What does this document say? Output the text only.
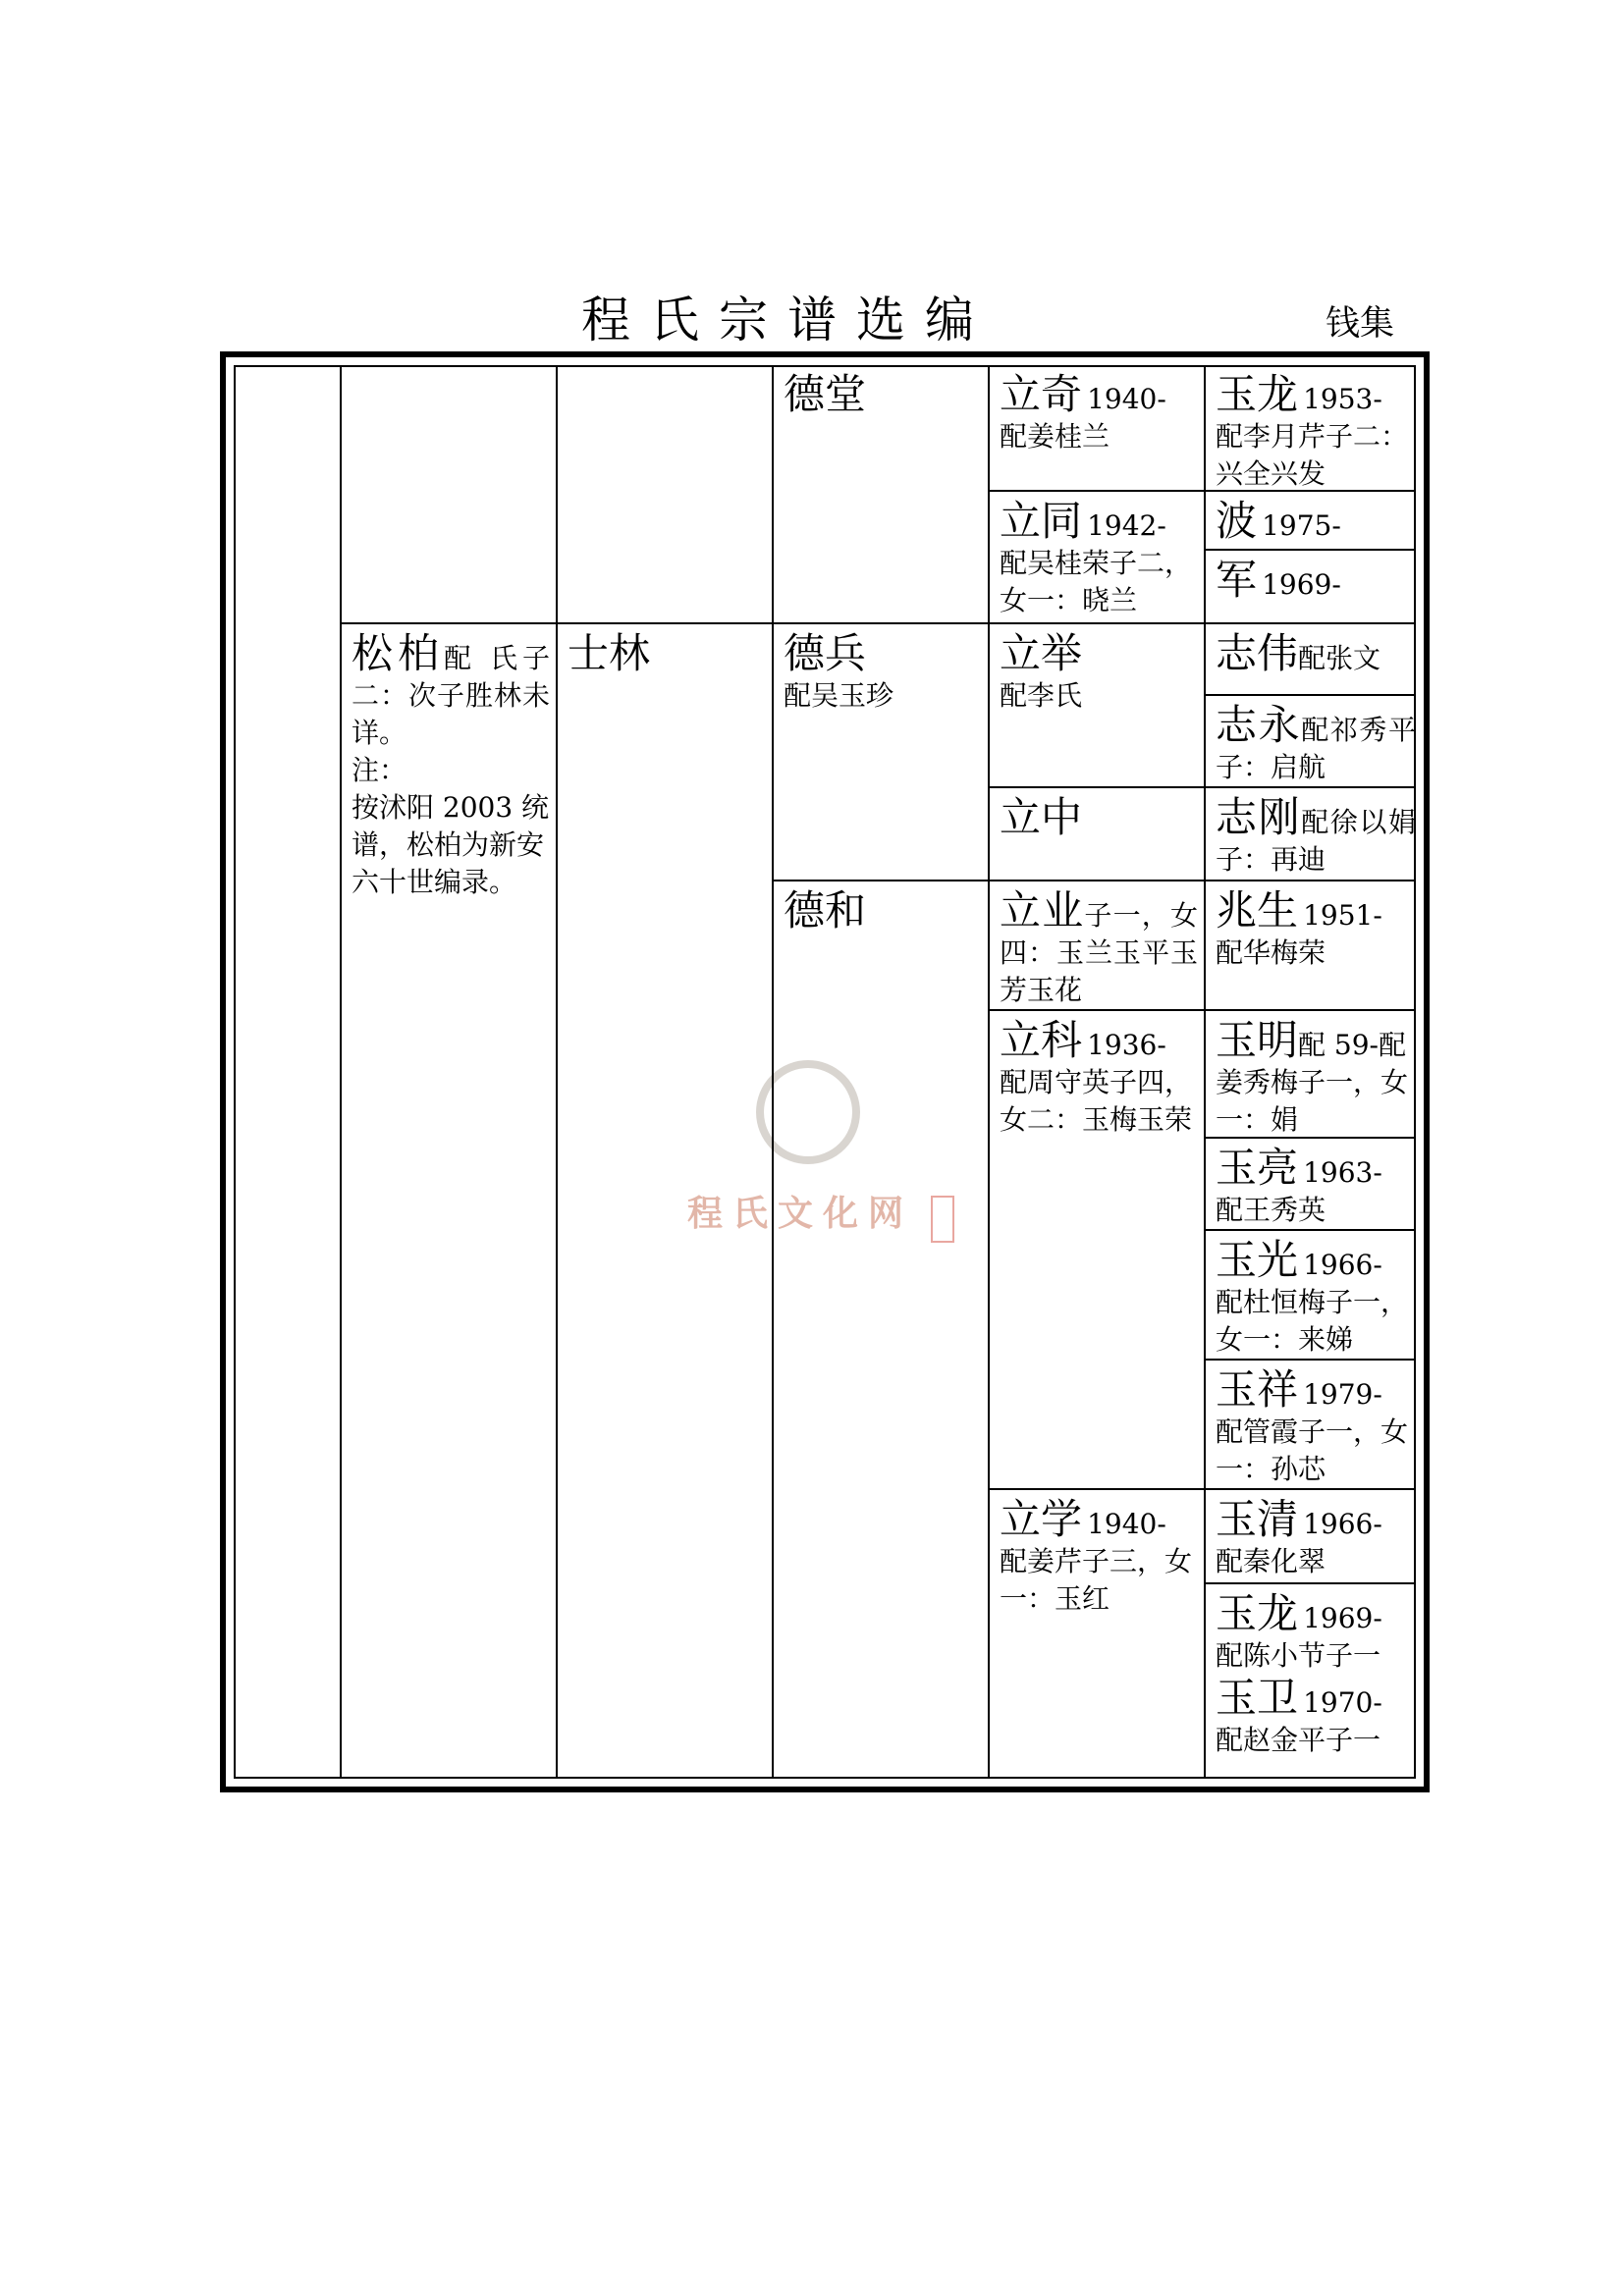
程氏宗谱选编	钱集
程氏文化网
松柏配 氏子二：次子胜林未详。
注：
按沭阳 2003 统谱，松柏为新安六十世编录。
士林
德堂
德兵
配吴玉珍
德和
立奇 1940-
配姜桂兰
立同 1942-
配吴桂荣子二，女一：晓兰
立举
配李氏
立中
立业子一，女四：玉兰玉平玉芳玉花
立科 1936-
配周守英子四，女二：玉梅玉荣
立学 1940-
配姜芹子三，女一：玉红
玉龙 1953-
配李月芹子二：兴全兴发
波 1975-
军 1969-
志伟配张文
志永配祁秀平子：启航
志刚配徐以娟子：再迪
兆生 1951-
配华梅荣
玉明配 59-配姜秀梅子一，女一：娟
玉亮 1963-
配王秀英
玉光 1966-
配杜恒梅子一，女一：来娣
玉祥 1979-
配管霞子一，女一：孙芯
玉清 1966-
配秦化翠
玉龙 1969-
配陈小节子一
玉卫 1970-
配赵金平子一
